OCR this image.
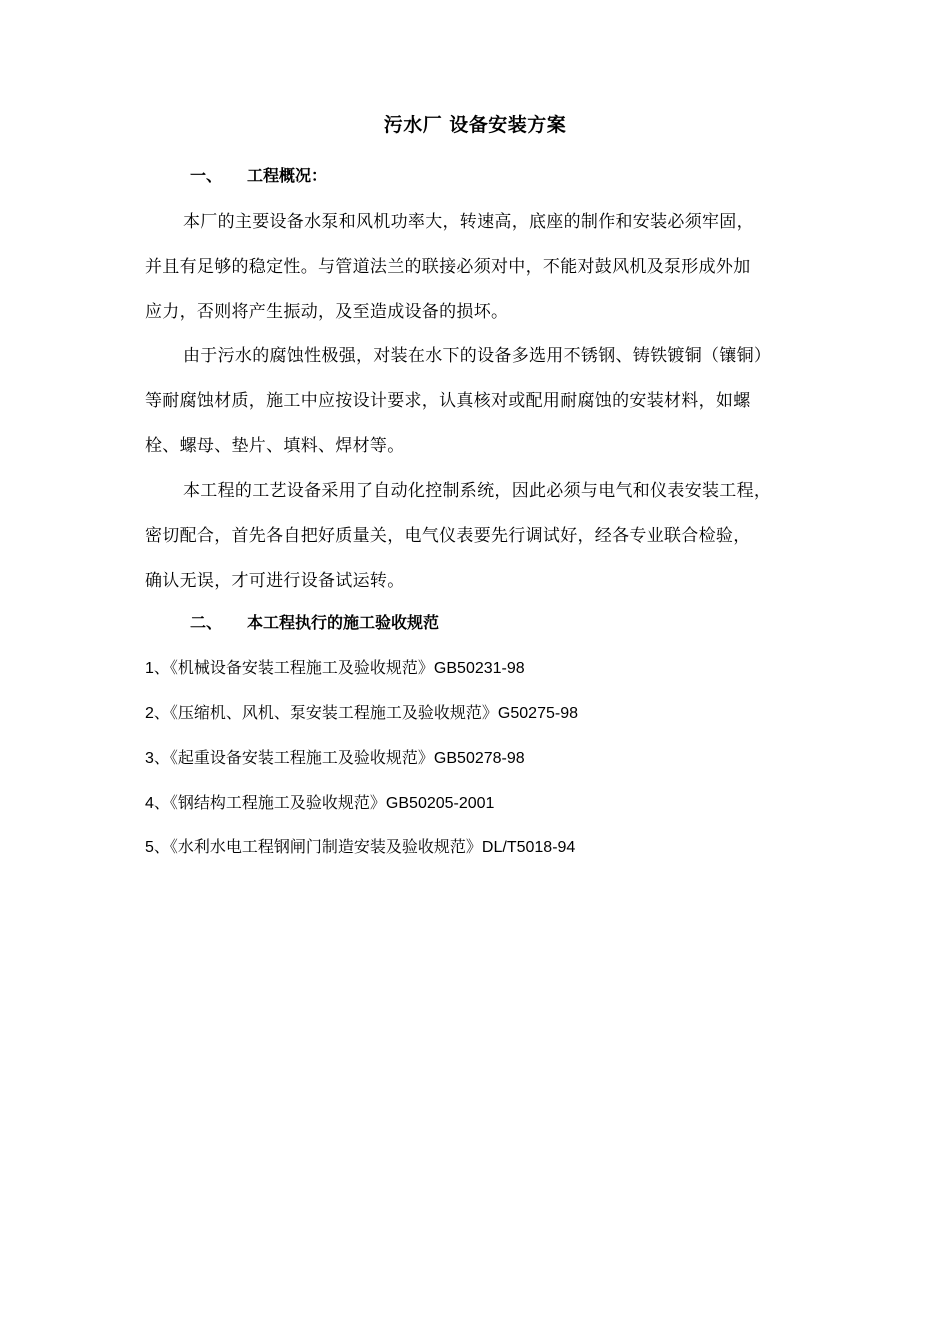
污水厂 设备安装方案
一、 工程概况：
本厂的主要设备水泵和风机功率大，转速高，底座的制作和安装必须牢固，
并且有足够的稳定性。与管道法兰的联接必须对中，不能对鼓风机及泵形成外加
应力，否则将产生振动，及至造成设备的损坏。
由于污水的腐蚀性极强，对装在水下的设备多选用不锈钢、铸铁镀铜（镶铜）
等耐腐蚀材质，施工中应按设计要求，认真核对或配用耐腐蚀的安装材料，如螺
栓、螺母、垫片、填料、焊材等。
本工程的工艺设备采用了自动化控制系统，因此必须与电气和仪表安装工程，
密切配合，首先各自把好质量关，电气仪表要先行调试好，经各专业联合检验，
确认无误，才可进行设备试运转。
二、 本工程执行的施工验收规范
1、《机械设备安装工程施工及验收规范》GB50231-98
2、《压缩机、风机、泵安装工程施工及验收规范》G50275-98
3、《起重设备安装工程施工及验收规范》GB50278-98
4、《钢结构工程施工及验收规范》GB50205-2001
5、《水利水电工程钢闸门制造安装及验收规范》DL/T5018-94
